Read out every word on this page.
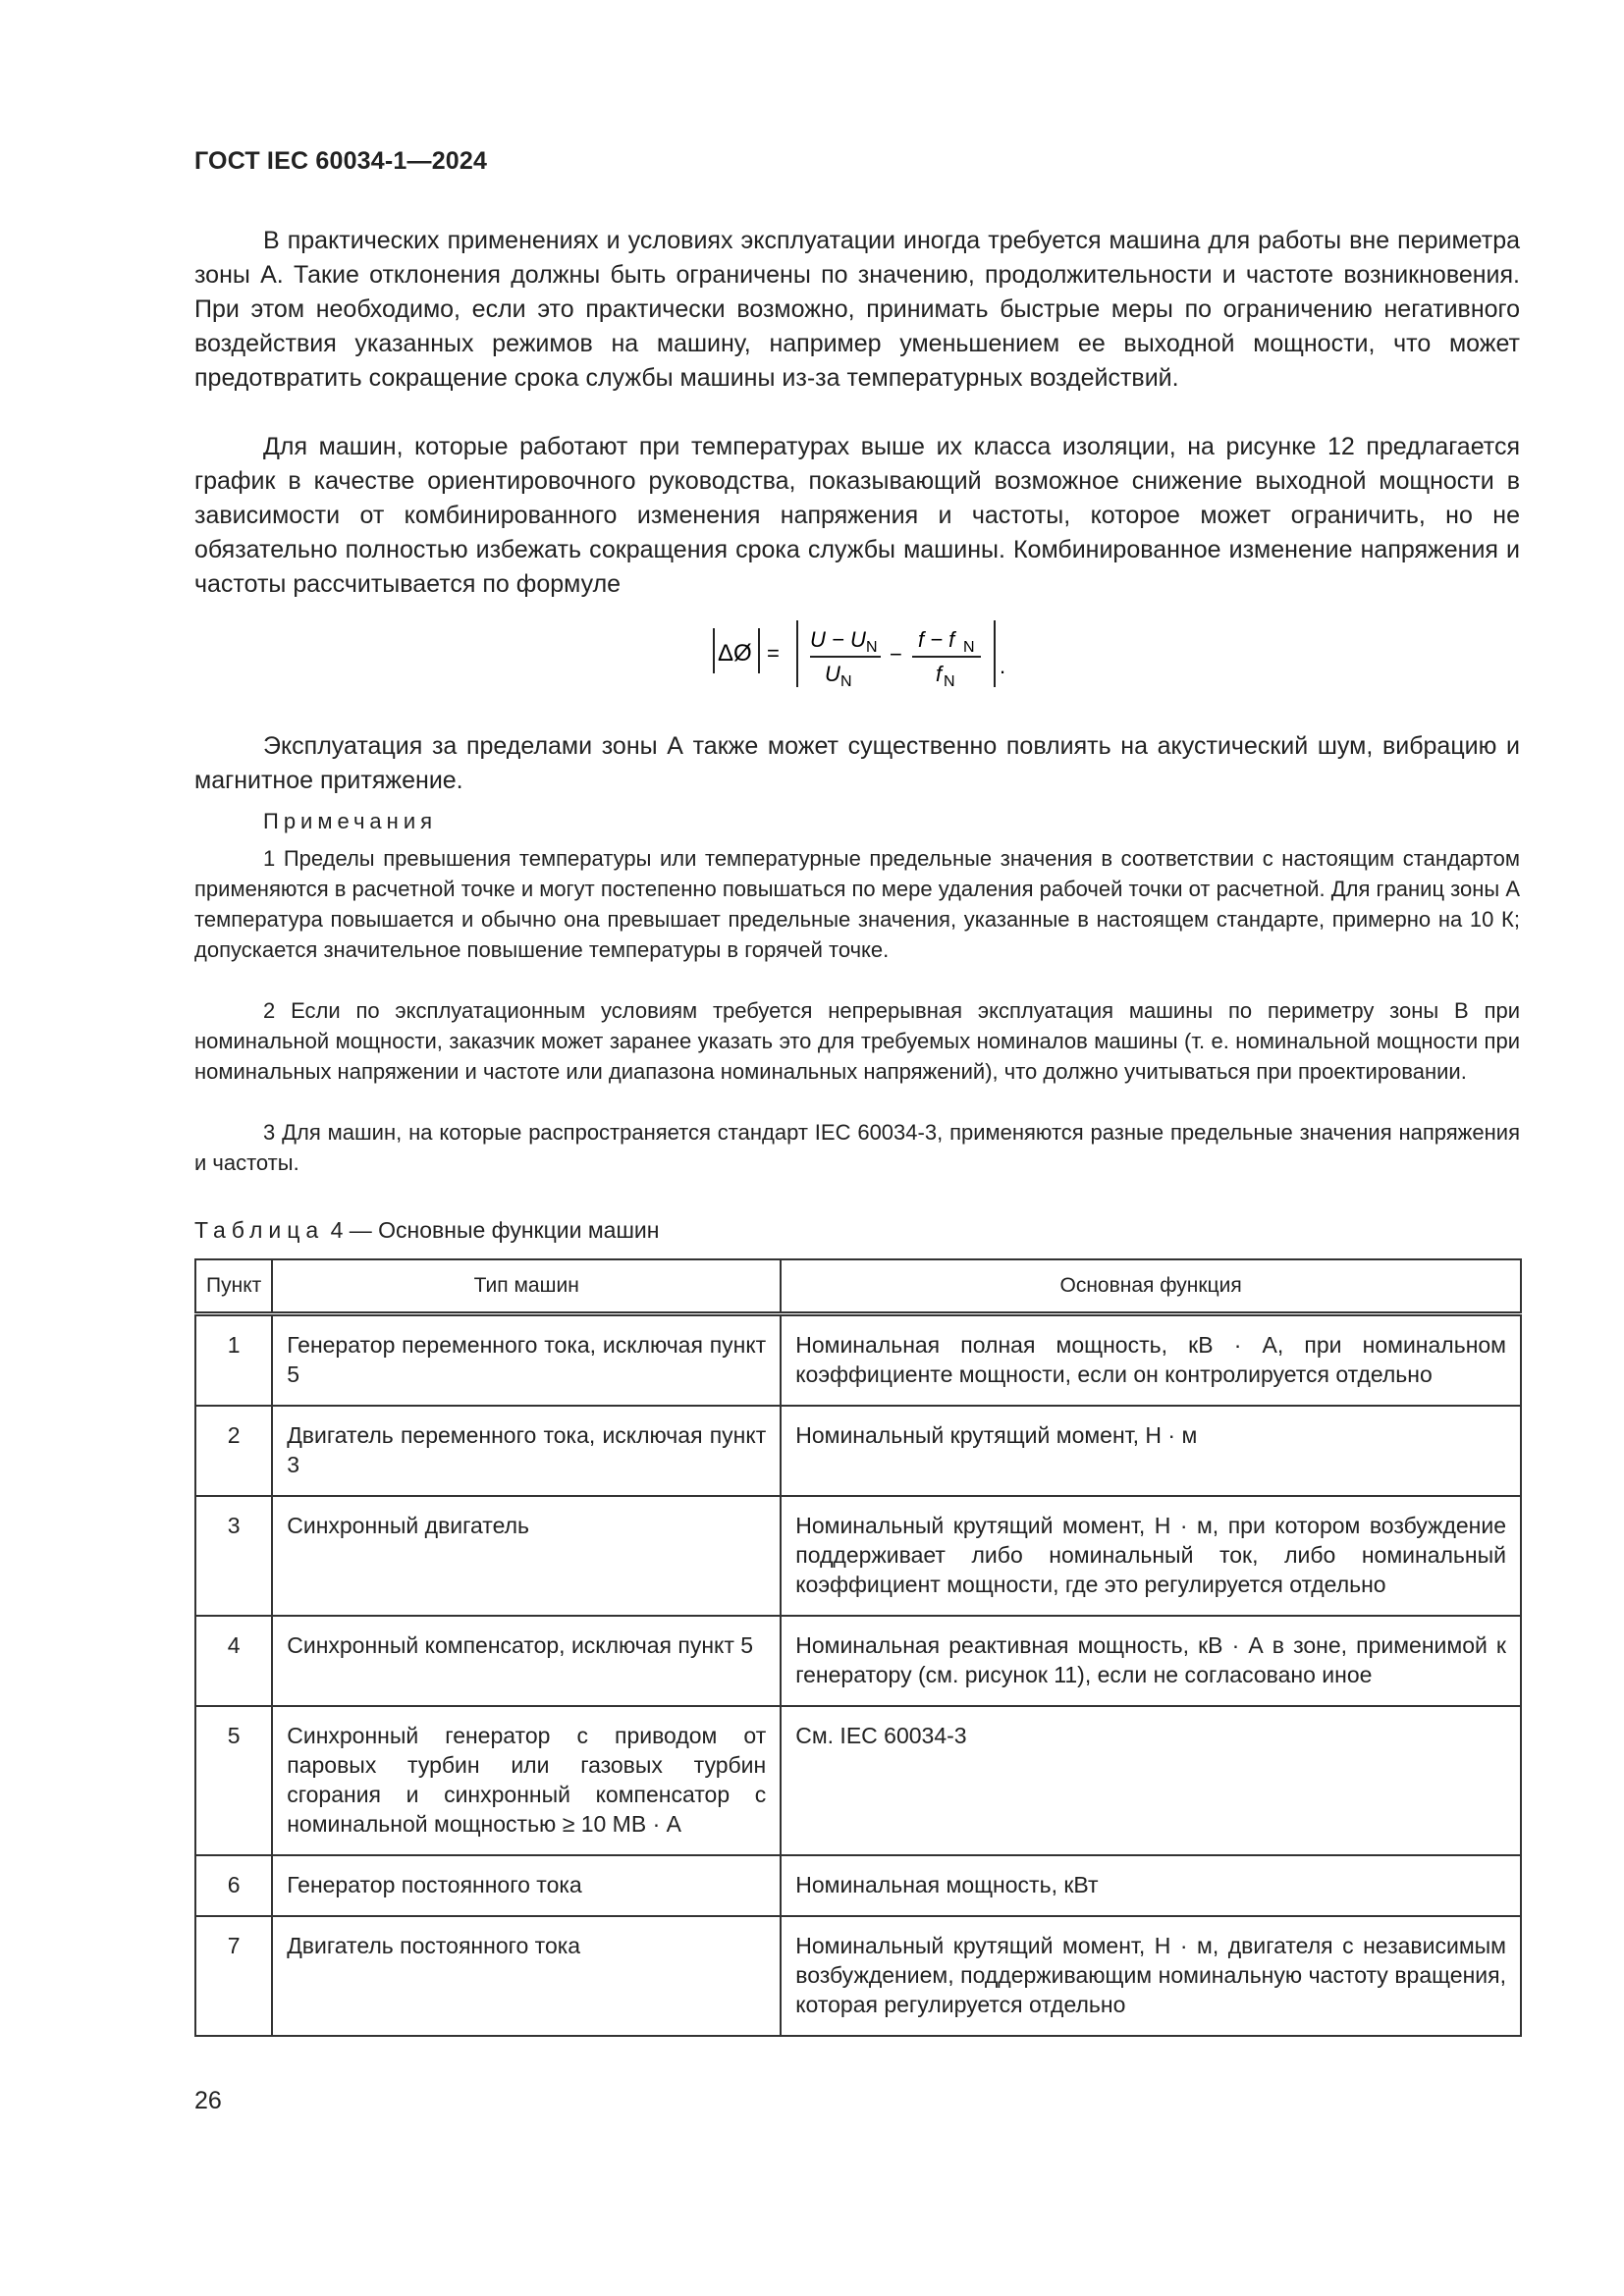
ГОСТ IEC 60034-1—2024

В практических применениях и условиях эксплуатации иногда требуется машина для работы вне периметра зоны А. Такие отклонения должны быть ограничены по значению, продолжительности и частоте возникновения. При этом необходимо, если это практически возможно, принимать быстрые меры по ограничению негативного воздействия указанных режимов на машину, например уменьшением ее выходной мощности, что может предотвратить сокращение срока службы машины из-за температурных воздействий.

Для машин, которые работают при температурах выше их класса изоляции, на рисунке 12 предлагается график в качестве ориентировочного руководства, показывающий возможное снижение выходной мощности в зависимости от комбинированного изменения напряжения и частоты, которое может ограничить, но не обязательно полностью избежать сокращения срока службы машины. Комбинированное изменение напряжения и частоты рассчитывается по формуле

ΔØ =
U − U N
U N
−
f − f N
f N
.

Эксплуатация за пределами зоны А также может существенно повлиять на акустический шум, вибрацию и магнитное притяжение.

Примечания

1 Пределы превышения температуры или температурные предельные значения в соответствии с настоящим стандартом применяются в расчетной точке и могут постепенно повышаться по мере удаления рабочей точки от расчетной. Для границ зоны А температура повышается и обычно она превышает предельные значения, указанные в настоящем стандарте, примерно на 10 К; допускается значительное повышение температуры в горячей точке.

2 Если по эксплуатационным условиям требуется непрерывная эксплуатация машины по периметру зоны В при номинальной мощности, заказчик может заранее указать это для требуемых номиналов машины (т. е. номинальной мощности при номинальных напряжении и частоте или диапазона номинальных напряжений), что должно учитываться при проектировании.

3 Для машин, на которые распространяется стандарт IEC 60034-3, применяются разные предельные значения напряжения и частоты.

Таблица 4 — Основные функции машин
Пункт	Тип машин	Основная функция
1	Генератор переменного тока, исключая пункт 5	Номинальная полная мощность, кВ · А, при номинальном коэффициенте мощности, если он контролируется отдельно
2	Двигатель переменного тока, исключая пункт 3	Номинальный крутящий момент, Н · м
3	Синхронный двигатель	Номинальный крутящий момент, Н · м, при котором возбуждение поддерживает либо номинальный ток, либо номинальный коэффициент мощности, где это регулируется отдельно
4	Синхронный компенсатор, исключая пункт 5	Номинальная реактивная мощность, кВ · А в зоне, применимой к генератору (см. рисунок 11), если не согласовано иное
5	Синхронный генератор с приводом от паровых турбин или газовых турбин сгорания и синхронный компенсатор с номинальной мощностью ≥ 10 МВ · А	См. IEC 60034-3
6	Генератор постоянного тока	Номинальная мощность, кВт
7	Двигатель постоянного тока	Номинальный крутящий момент, Н · м, двигателя с независимым возбуждением, поддерживающим номинальную частоту вращения, которая регулируется отдельно
26
